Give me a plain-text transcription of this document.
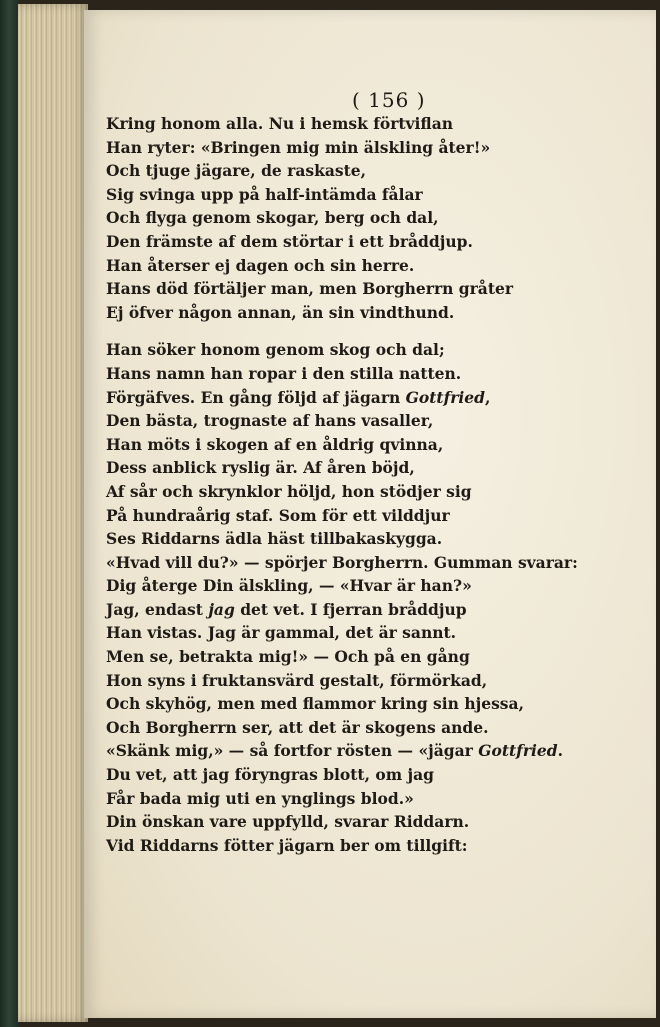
( 156 )
Kring honom alla. Nu i hemsk förtviflan
Han ryter: «Bringen mig min älskling åter!»
Och tjuge jägare, de raskaste,
Sig svinga upp på half-intämda fålar
Och flyga genom skogar, berg och dal,
Den främste af dem störtar i ett bråddjup.
Han återser ej dagen och sin herre.
Hans död förtäljer man, men Borgherrn gråter
Ej öfver någon annan, än sin vindthund.
Han söker honom genom skog och dal;
Hans namn han ropar i den stilla natten.
Förgäfves. En gång följd af jägarn Gottfried,
Den bästa, trognaste af hans vasaller,
Han möts i skogen af en åldrig qvinna,
Dess anblick ryslig är. Af åren böjd,
Af sår och skrynklor höljd, hon stödjer sig
På hundraårig staf. Som för ett vilddjur
Ses Riddarns ädla häst tillbakaskygga.
«Hvad vill du?» — spörjer Borgherrn. Gumman svarar:
Dig återge Din älskling, — «Hvar är han?»
Jag, endast jag det vet. I fjerran bråddjup
Han vistas. Jag är gammal, det är sannt.
Men se, betrakta mig!» — Och på en gång
Hon syns i fruktansvärd gestalt, förmörkad,
Och skyhög, men med flammor kring sin hjessa,
Och Borgherrn ser, att det är skogens ande.
«Skänk mig,» — så fortfor rösten — «jägar Gottfried.
Du vet, att jag föryngras blott, om jag
Får bada mig uti en ynglings blod.»
Din önskan vare uppfylld, svarar Riddarn.
Vid Riddarns fötter jägarn ber om tillgift:
